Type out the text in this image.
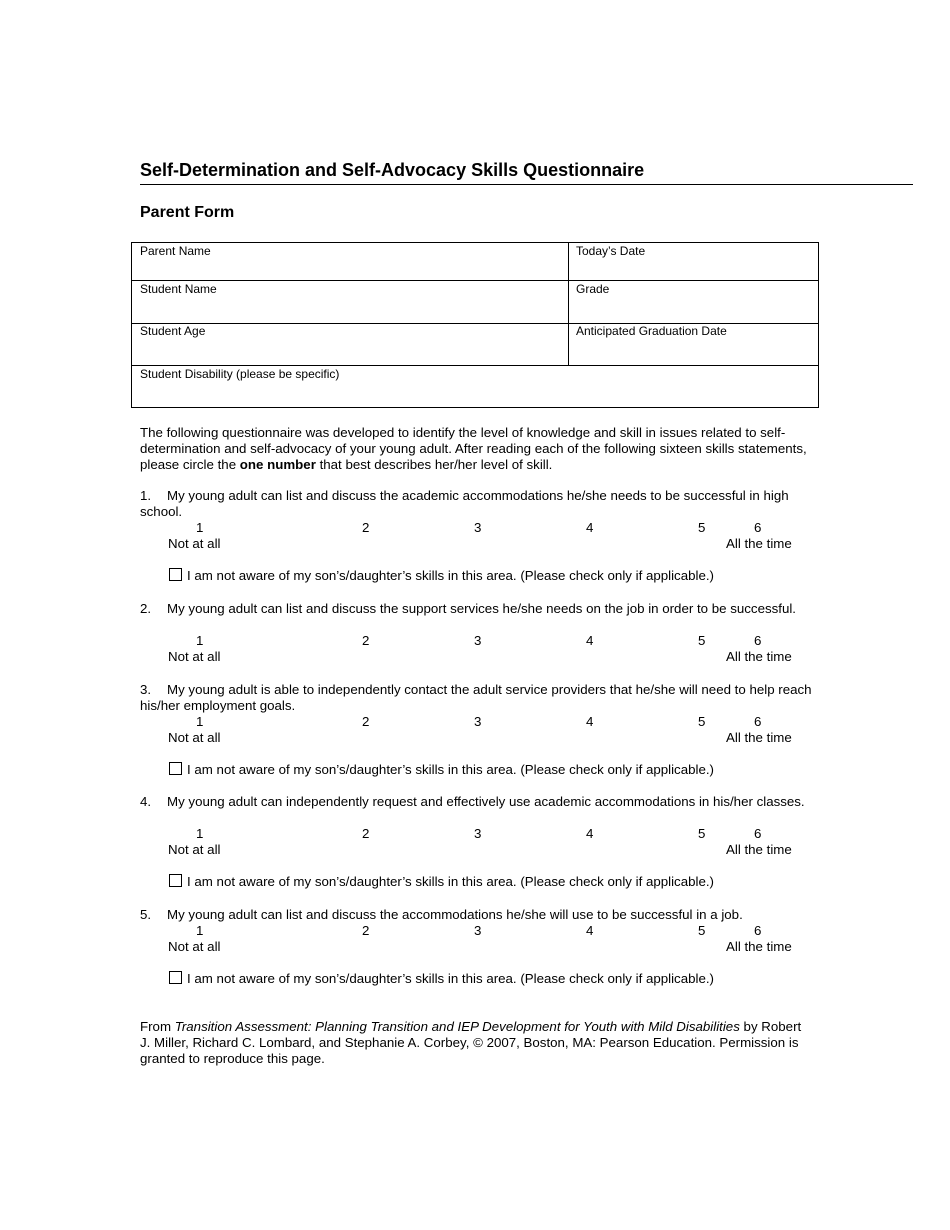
Self-Determination and Self-Advocacy Skills Questionnaire
Parent Form
Parent Name	Today’s Date
Student Name	Grade
Student Age	Anticipated Graduation Date
Student Disability (please be specific)

The following questionnaire was developed to identify the level of knowledge and skill in issues related to self-determination and self-advocacy of your young adult. After reading each of the following sixteen skills statements, please circle the one number that best describes her/her level of skill.

1. My young adult can list and discuss the academic accommodations he/she needs to be successful in high school.

1	2	3	4	5	6
Not at all	All the time
I am not aware of my son’s/daughter’s skills in this area. (Please check only if applicable.)

2. My young adult can list and discuss the support services he/she needs on the job in order to be successful.

1	2	3	4	5	6
Not at all	All the time

3. My young adult is able to independently contact the adult service providers that he/she will need to help reach his/her employment goals.

1	2	3	4	5	6
Not at all	All the time
I am not aware of my son’s/daughter’s skills in this area. (Please check only if applicable.)

4. My young adult can independently request and effectively use academic accommodations in his/her classes.

1	2	3	4	5	6
Not at all	All the time
I am not aware of my son’s/daughter’s skills in this area. (Please check only if applicable.)

5. My young adult can list and discuss the accommodations he/she will use to be successful in a job.

1	2	3	4	5	6
Not at all	All the time
I am not aware of my son’s/daughter’s skills in this area. (Please check only if applicable.)

From Transition Assessment: Planning Transition and IEP Development for Youth with Mild Disabilities by Robert J. Miller, Richard C. Lombard, and Stephanie A. Corbey, © 2007, Boston, MA: Pearson Education. Permission is granted to reproduce this page.
